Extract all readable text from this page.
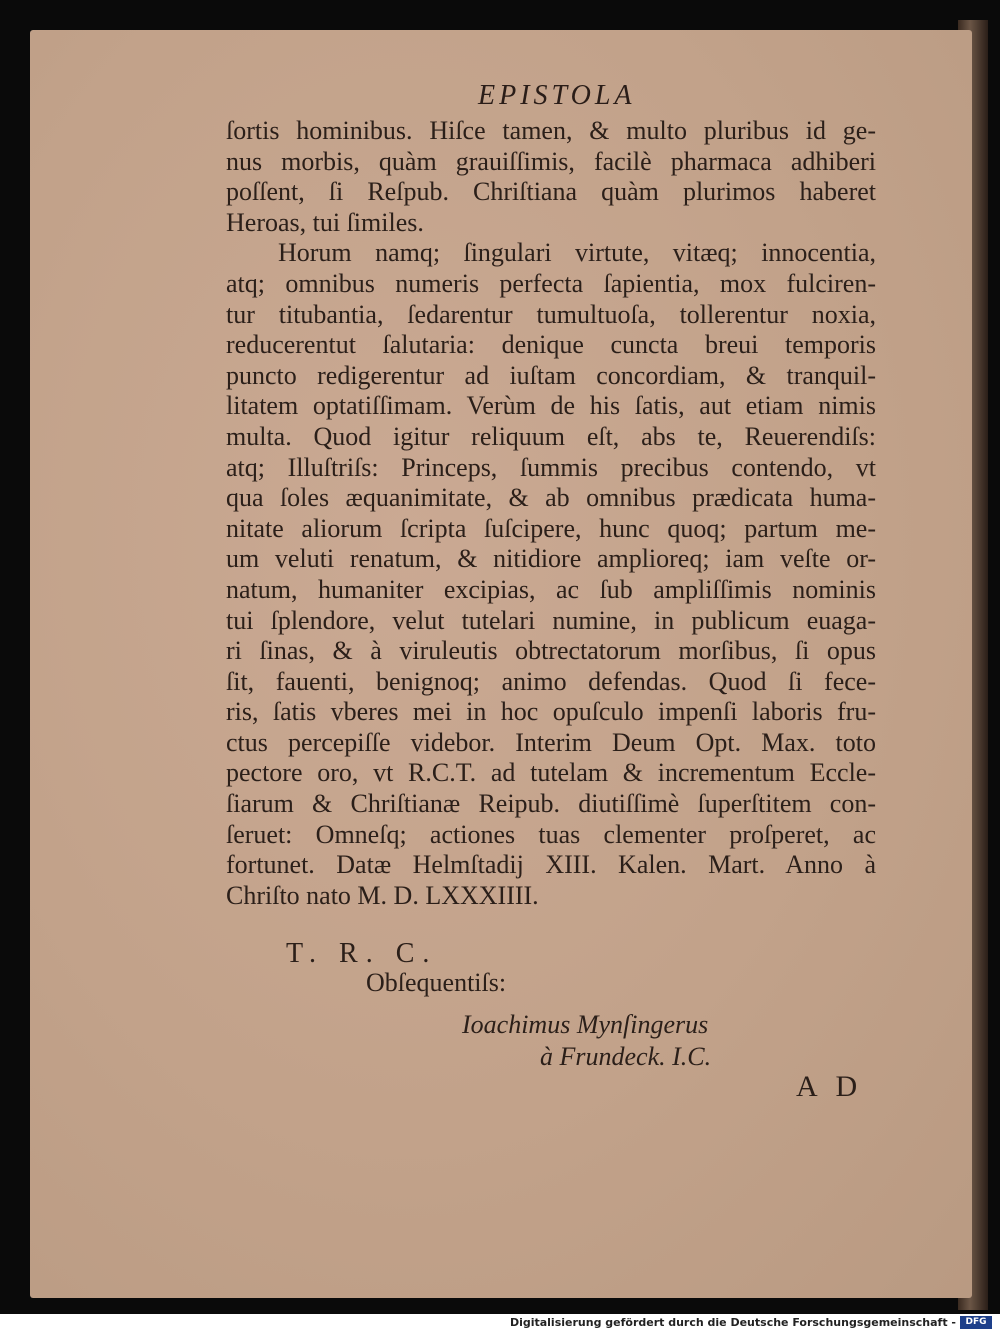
EPISTOLA
ſortis hominibus. Hiſce tamen, & multo pluribus id ge-
nus morbis, quàm grauiſſimis, facilè pharmaca adhiberi
poſſent, ſi Reſpub. Chriſtiana quàm plurimos haberet
Heroas, tui ſimiles.
Horum namq; ſingulari virtute, vitæq; innocentia,
atq; omnibus numeris perfecta ſapientia, mox fulciren-
tur titubantia, ſedarentur tumultuoſa, tollerentur noxia,
reducerentut ſalutaria: denique cuncta breui temporis
puncto redigerentur ad iuſtam concordiam, & tranquil-
litatem optatiſſimam. Verùm de his ſatis, aut etiam nimis
multa. Quod igitur reliquum eſt, abs te, Reuerendiſs:
atq; Illuſtriſs: Princeps, ſummis precibus contendo, vt
qua ſoles æquanimitate, & ab omnibus prædicata huma-
nitate aliorum ſcripta ſuſcipere, hunc quoq; partum me-
um veluti renatum, & nitidiore amplioreq; iam veſte or-
natum, humaniter excipias, ac ſub ampliſſimis nominis
tui ſplendore, velut tutelari numine, in publicum euaga-
ri ſinas, & à viruleutis obtrectatorum morſibus, ſi opus
ſit, fauenti, benignoq; animo defendas. Quod ſi fece-
ris, ſatis vberes mei in hoc opuſculo impenſi laboris fru-
ctus percepiſſe videbor. Interim Deum Opt. Max. toto
pectore oro, vt R.C.T. ad tutelam & incrementum Eccle-
ſiarum & Chriſtianæ Reipub. diutiſſimè ſuperſtitem con-
ſeruet: Omneſq; actiones tuas clementer proſperet, ac
fortunet. Datæ Helmſtadij XIII. Kalen. Mart. Anno à
Chriſto nato M. D. LXXXIIII.
T. R. C.
Obſequentiſs:
Ioachimus Mynſingerus
à Frundeck. I.C.
A D
Digitalisierung gefördert durch die Deutsche Forschungsgemeinschaft -	DFG
